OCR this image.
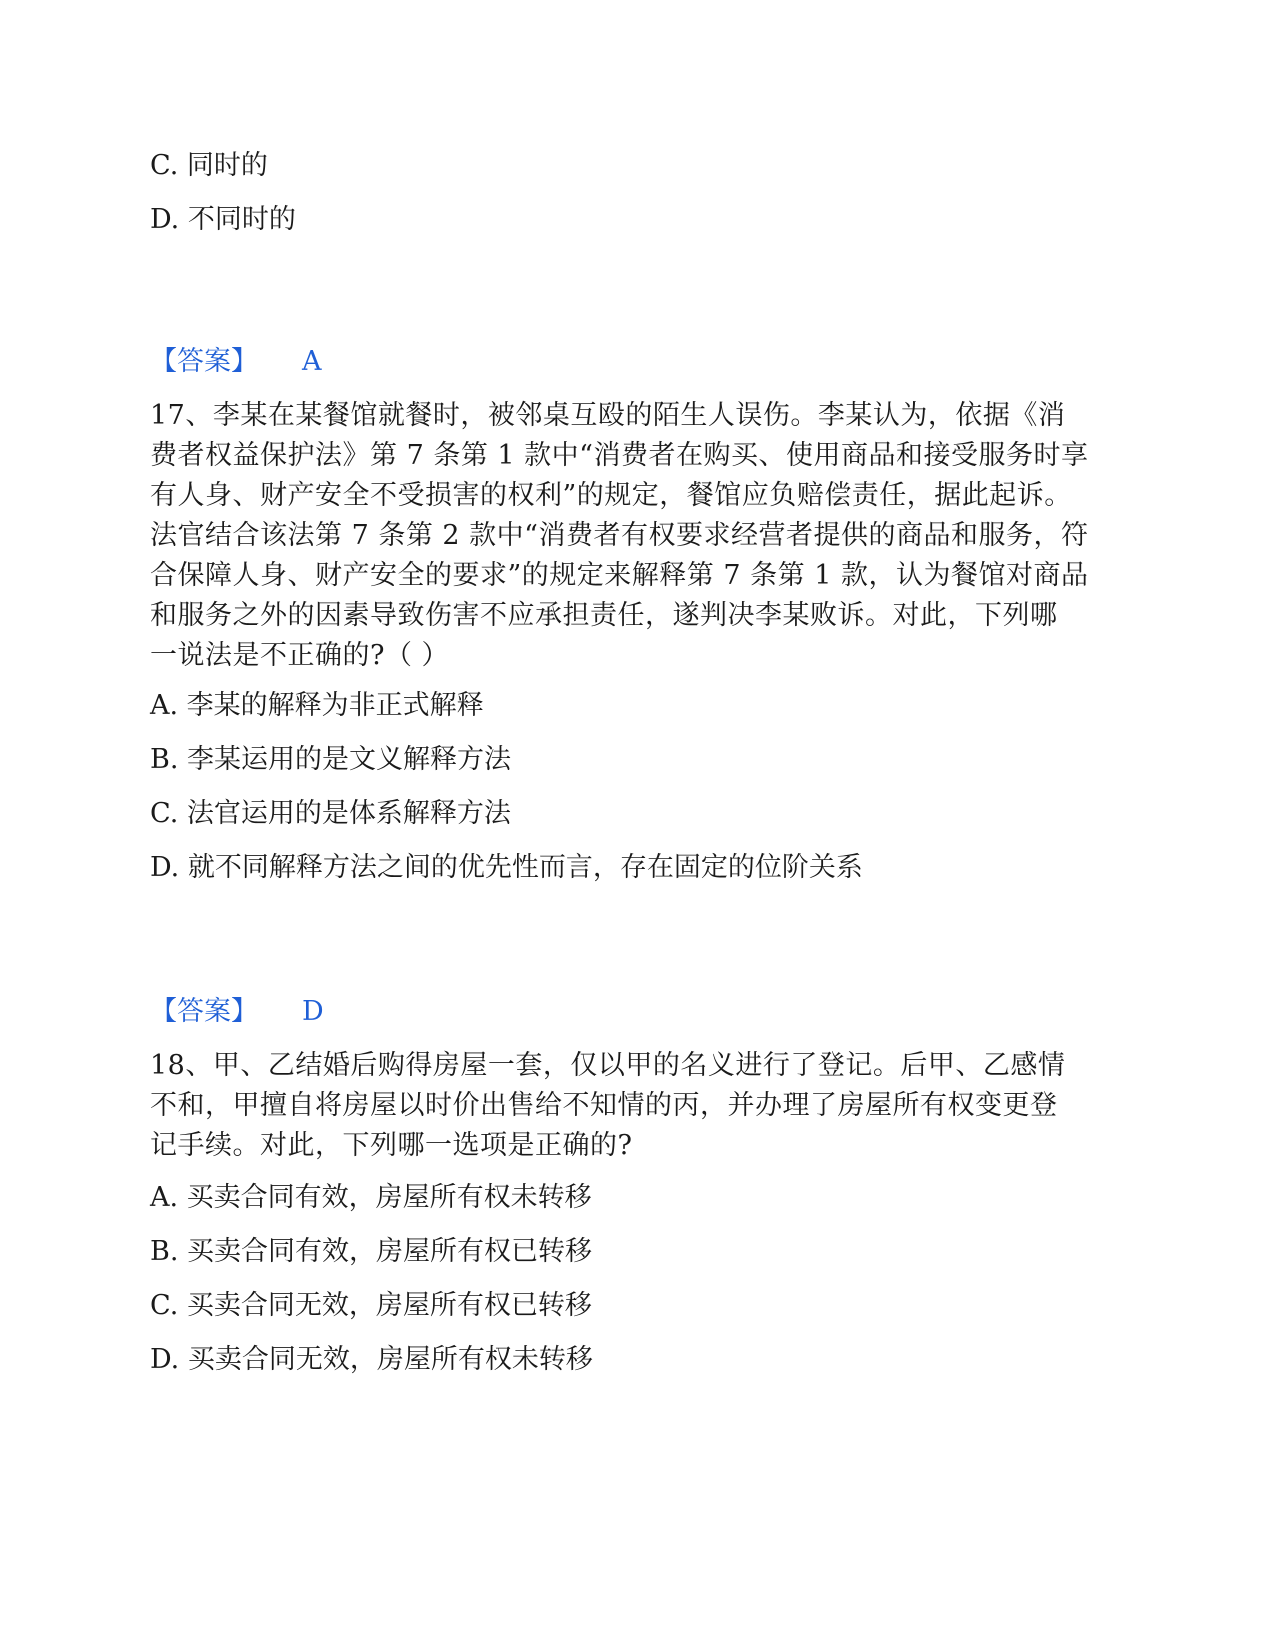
C. 同时的
D. 不同时的
【答案】 A
17、李某在某餐馆就餐时，被邻桌互殴的陌生人误伤。李某认为，依据《消
费者权益保护法》第 7 条第 1 款中“消费者在购买、使用商品和接受服务时享
有人身、财产安全不受损害的权利”的规定，餐馆应负赔偿责任，据此起诉。
法官结合该法第 7 条第 2 款中“消费者有权要求经营者提供的商品和服务，符
合保障人身、财产安全的要求”的规定来解释第 7 条第 1 款，认为餐馆对商品
和服务之外的因素导致伤害不应承担责任，遂判决李某败诉。对此，下列哪
一说法是不正确的?（ ）
A. 李某的解释为非正式解释
B. 李某运用的是文义解释方法
C. 法官运用的是体系解释方法
D. 就不同解释方法之间的优先性而言，存在固定的位阶关系
【答案】 D
18、甲、乙结婚后购得房屋一套，仅以甲的名义进行了登记。后甲、乙感情
不和，甲擅自将房屋以时价出售给不知情的丙，并办理了房屋所有权变更登
记手续。对此，下列哪一选项是正确的?
A. 买卖合同有效，房屋所有权未转移
B. 买卖合同有效，房屋所有权已转移
C. 买卖合同无效，房屋所有权已转移
D. 买卖合同无效，房屋所有权未转移
